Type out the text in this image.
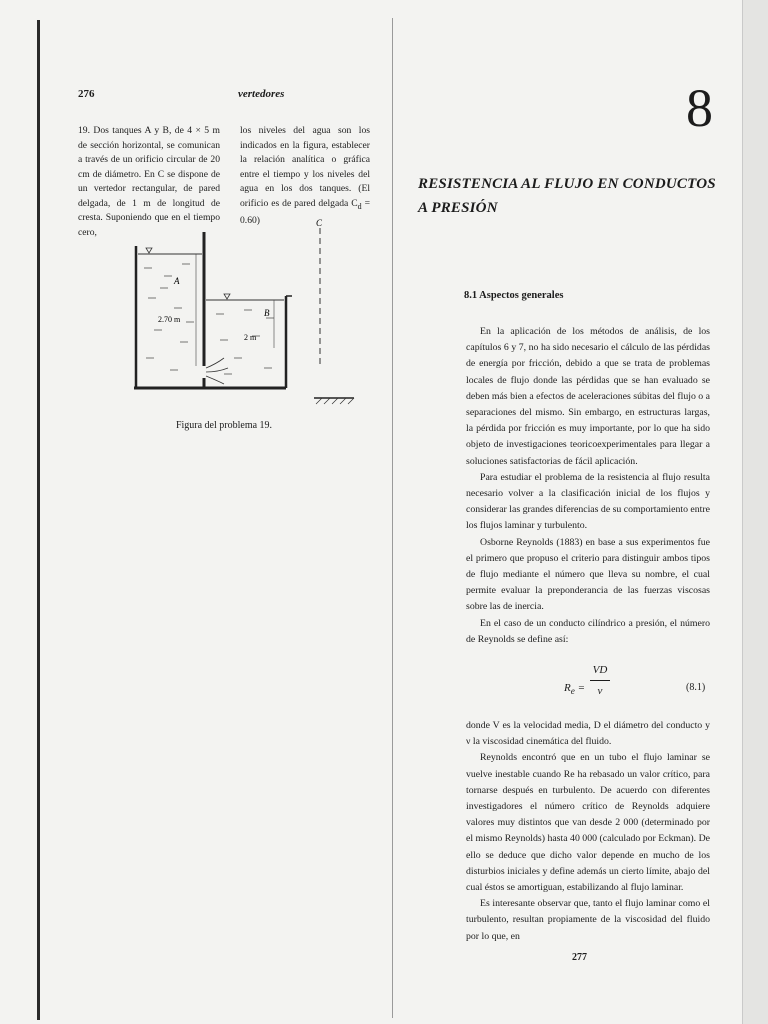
276	vertedores
19. Dos tanques A y B, de 4 × 5 m de sección horizontal, se comunican a través de un orificio circular de 20 cm de diámetro. En C se dispone de un vertedor rectangular, de pared delgada, de 1 m de longitud de cresta. Suponiendo que en el tiempo cero,
los niveles del agua son los indicados en la figura, establecer la relación analítica o gráfica entre el tiempo y los niveles del agua en los dos tanques. (El orificio es de pared delgada $C_d = 0.60$)
A
B
C
2.70 m
2 m
Figura del problema 19.
8
RESISTENCIA AL FLUJO EN CONDUCTOS
A PRESIÓN
8.1 Aspectos generales

En la aplicación de los métodos de análisis, de los capítulos 6 y 7, no ha sido necesario el cálculo de las pérdidas de energía por fricción, debido a que se trata de problemas locales de flujo donde las pérdidas que se han evaluado se deben más bien a efectos de aceleraciones súbitas del flujo o a separaciones del mismo. Sin embargo, en estructuras largas, la pérdida por fricción es muy importante, por lo que ha sido objeto de investigaciones teoricoexperimentales para llegar a soluciones satisfactorias de fácil aplicación.

Para estudiar el problema de la resistencia al flujo resulta necesario volver a la clasificación inicial de los flujos y considerar las grandes diferencias de su comportamiento entre los flujos laminar y turbulento.

Osborne Reynolds (1883) en base a sus experimentos fue el primero que propuso el criterio para distinguir ambos tipos de flujo mediante el número que lleva su nombre, el cual permite evaluar la preponderancia de las fuerzas viscosas sobre las de inercia.

En el caso de un conducto cilíndrico a presión, el número de Reynolds se define así:

$R_e = \frac{VD}{\nu}$	(8.1)

donde V es la velocidad media, D el diámetro del conducto y ν la viscosidad cinemática del fluido.

Reynolds encontró que en un tubo el flujo laminar se vuelve inestable cuando Re ha rebasado un valor crítico, para tornarse después en turbulento. De acuerdo con diferentes investigadores el número crítico de Reynolds adquiere valores muy distintos que van desde 2 000 (determinado por el mismo Reynolds) hasta 40 000 (calculado por Eckman). De ello se deduce que dicho valor depende en mucho de los disturbios iniciales y define además un cierto límite, abajo del cual éstos se amortiguan, estabilizando al flujo laminar.

Es interesante observar que, tanto el flujo laminar como el turbulento, resultan propiamente de la viscosidad del fluido por lo que, en

277
